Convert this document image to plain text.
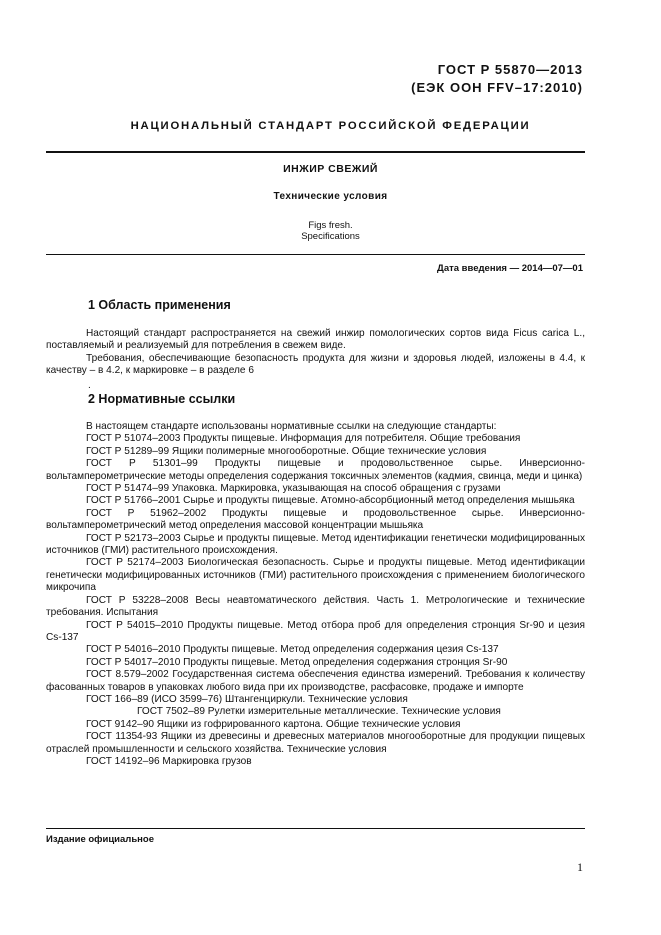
ГОСТ Р 55870—2013
(ЕЭК ООН FFV–17:2010)
НАЦИОНАЛЬНЫЙ СТАНДАРТ РОССИЙСКОЙ ФЕДЕРАЦИИ
ИНЖИР СВЕЖИЙ
Технические условия
Figs fresh.
Specifications
Дата введения — 2014—07—01
1 Область применения

Настоящий стандарт распространяется на свежий инжир помологических сортов вида Ficus carica L., поставляемый и реализуемый для потребления в свежем виде.

Требования, обеспечивающие безопасность продукта для жизни и здоровья людей, изложены в 4.4, к качеству – в 4.2, к маркировке – в разделе 6

.
2 Нормативные ссылки

В настоящем стандарте использованы нормативные ссылки на следующие стандарты:

ГОСТ Р 51074–2003 Продукты пищевые. Информация для потребителя. Общие требования

ГОСТ Р 51289–99 Ящики полимерные многооборотные. Общие технические условия

ГОСТ Р 51301–99 Продукты пищевые и продовольственное сырье. Инверсионно-вольтамперометрические методы определения содержания токсичных элементов (кадмия, свинца, меди и цинка)

ГОСТ Р 51474–99 Упаковка. Маркировка, указывающая на способ обращения с грузами

ГОСТ Р 51766–2001 Сырье и продукты пищевые. Атомно-абсорбционный метод определения мышьяка

ГОСТ Р 51962–2002 Продукты пищевые и продовольственное сырье. Инверсионно-вольтамперометрический метод определения массовой концентрации мышьяка

ГОСТ Р 52173–2003 Сырье и продукты пищевые. Метод идентификации генетически модифицированных источников (ГМИ) растительного происхождения.

ГОСТ Р 52174–2003 Биологическая безопасность. Сырье и продукты пищевые. Метод идентификации генетически модифицированных источников (ГМИ) растительного происхождения с применением биологического микрочипа

ГОСТ Р 53228–2008 Весы неавтоматического действия. Часть 1. Метрологические и технические требования. Испытания

ГОСТ Р 54015–2010 Продукты пищевые. Метод отбора проб для определения стронция Sr-90 и цезия Cs-137

ГОСТ Р 54016–2010 Продукты пищевые. Метод определения содержания цезия Cs-137

ГОСТ Р 54017–2010 Продукты пищевые. Метод определения содержания стронция Sr-90

ГОСТ 8.579–2002 Государственная система обеспечения единства измерений. Требования к количеству фасованных товаров в упаковках любого вида при их производстве, расфасовке, продаже и импорте

ГОСТ 166–89 (ИСО 3599–76) Штангенциркули. Технические условия

ГОСТ 7502–89 Рулетки измерительные металлические. Технические условия

ГОСТ 9142–90 Ящики из гофрированного картона. Общие технические условия

ГОСТ 11354-93 Ящики из древесины и древесных материалов многооборотные для продукции пищевых отраслей промышленности и сельского хозяйства. Технические условия

ГОСТ 14192–96 Маркировка грузов

Издание официальное
1
